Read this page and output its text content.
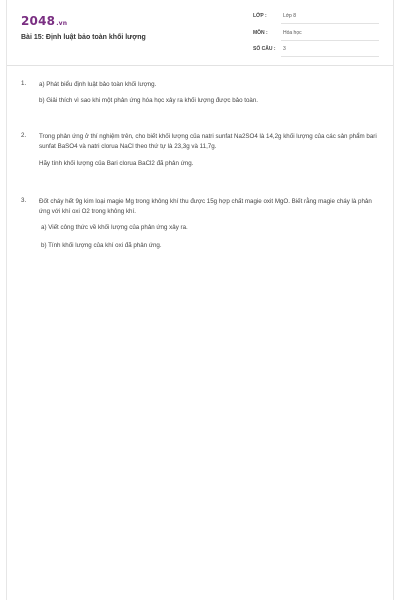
2048.vn
Bài 15: Định luật bảo toàn khối lượng
LỚP :	Lớp 8
MÔN :	Hóa học
SỐ CÂU : 3
1. a) Phát biểu định luật bảo toàn khối lượng.

b) Giải thích vì sao khi một phản ứng hóa học xảy ra khối lượng được bảo toàn.

2. Trong phản ứng ở thí nghiệm trên, cho biết khối lượng của natri sunfat Na2SO4 là 14,2g khối lượng của các sản phẩm bari sunfat BaSO4 và natri clorua NaCl theo thứ tự là 23,3g và 11,7g.

Hãy tính khối lượng của Bari clorua BaCl2 đã phản ứng.

3. Đốt cháy hết 9g kim loại magie Mg trong không khí thu được 15g hợp chất magie oxit MgO. Biết rằng magie cháy là phản ứng với khí oxi O2 trong không khí.

a) Viết công thức về khối lượng của phản ứng xảy ra.

b) Tính khối lượng của khí oxi đã phản ứng.
